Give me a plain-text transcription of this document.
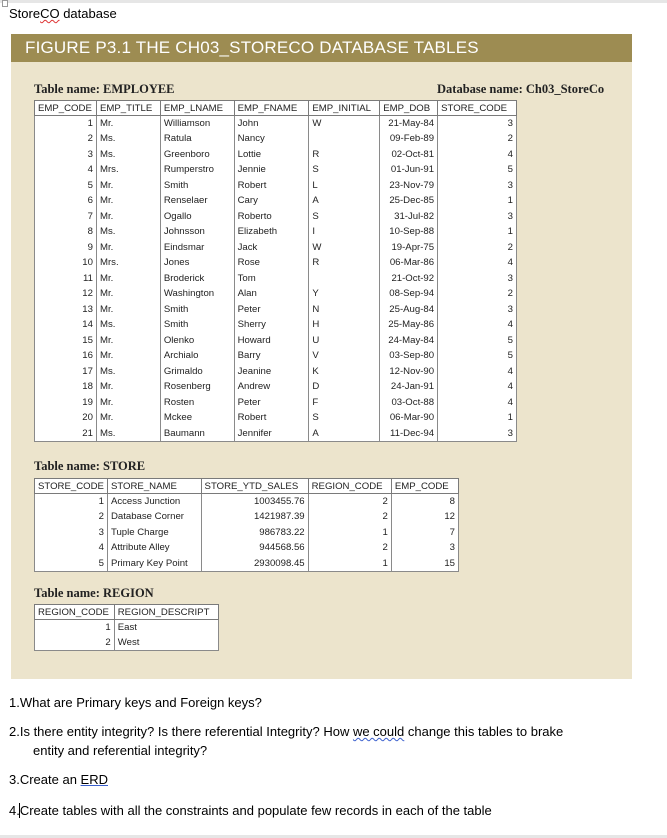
StoreCO database
FIGURE P3.1 THE CH03_STORECO DATABASE TABLES
Table name: EMPLOYEE	Database name: Ch03_StoreCo
EMP_CODE	EMP_TITLE	EMP_LNAME	EMP_FNAME	EMP_INITIAL	EMP_DOB	STORE_CODE
1	Mr.	Williamson	John	W	21-May-84	3
2	Ms.	Ratula	Nancy		09-Feb-89	2
3	Ms.	Greenboro	Lottie	R	02-Oct-81	4
4	Mrs.	Rumperstro	Jennie	S	01-Jun-91	5
5	Mr.	Smith	Robert	L	23-Nov-79	3
6	Mr.	Renselaer	Cary	A	25-Dec-85	1
7	Mr.	Ogallo	Roberto	S	31-Jul-82	3
8	Ms.	Johnsson	Elizabeth	I	10-Sep-88	1
9	Mr.	Eindsmar	Jack	W	19-Apr-75	2
10	Mrs.	Jones	Rose	R	06-Mar-86	4
11	Mr.	Broderick	Tom		21-Oct-92	3
12	Mr.	Washington	Alan	Y	08-Sep-94	2
13	Mr.	Smith	Peter	N	25-Aug-84	3
14	Ms.	Smith	Sherry	H	25-May-86	4
15	Mr.	Olenko	Howard	U	24-May-84	5
16	Mr.	Archialo	Barry	V	03-Sep-80	5
17	Ms.	Grimaldo	Jeanine	K	12-Nov-90	4
18	Mr.	Rosenberg	Andrew	D	24-Jan-91	4
19	Mr.	Rosten	Peter	F	03-Oct-88	4
20	Mr.	Mckee	Robert	S	06-Mar-90	1
21	Ms.	Baumann	Jennifer	A	11-Dec-94	3
Table name: STORE
STORE_CODE	STORE_NAME	STORE_YTD_SALES	REGION_CODE	EMP_CODE
1	Access Junction	1003455.76	2	8
2	Database Corner	1421987.39	2	12
3	Tuple Charge	986783.22	1	7
4	Attribute Alley	944568.56	2	3
5	Primary Key Point	2930098.45	1	15
Table name: REGION
REGION_CODE	REGION_DESCRIPT
1	East
2	West
1.What are Primary keys and Foreign keys?
2.Is there entity integrity? Is there referential Integrity? How we could change this tables to brake
entity and referential integrity?
3.Create an ERD
4.Create tables with all the constraints and populate few records in each of the table
